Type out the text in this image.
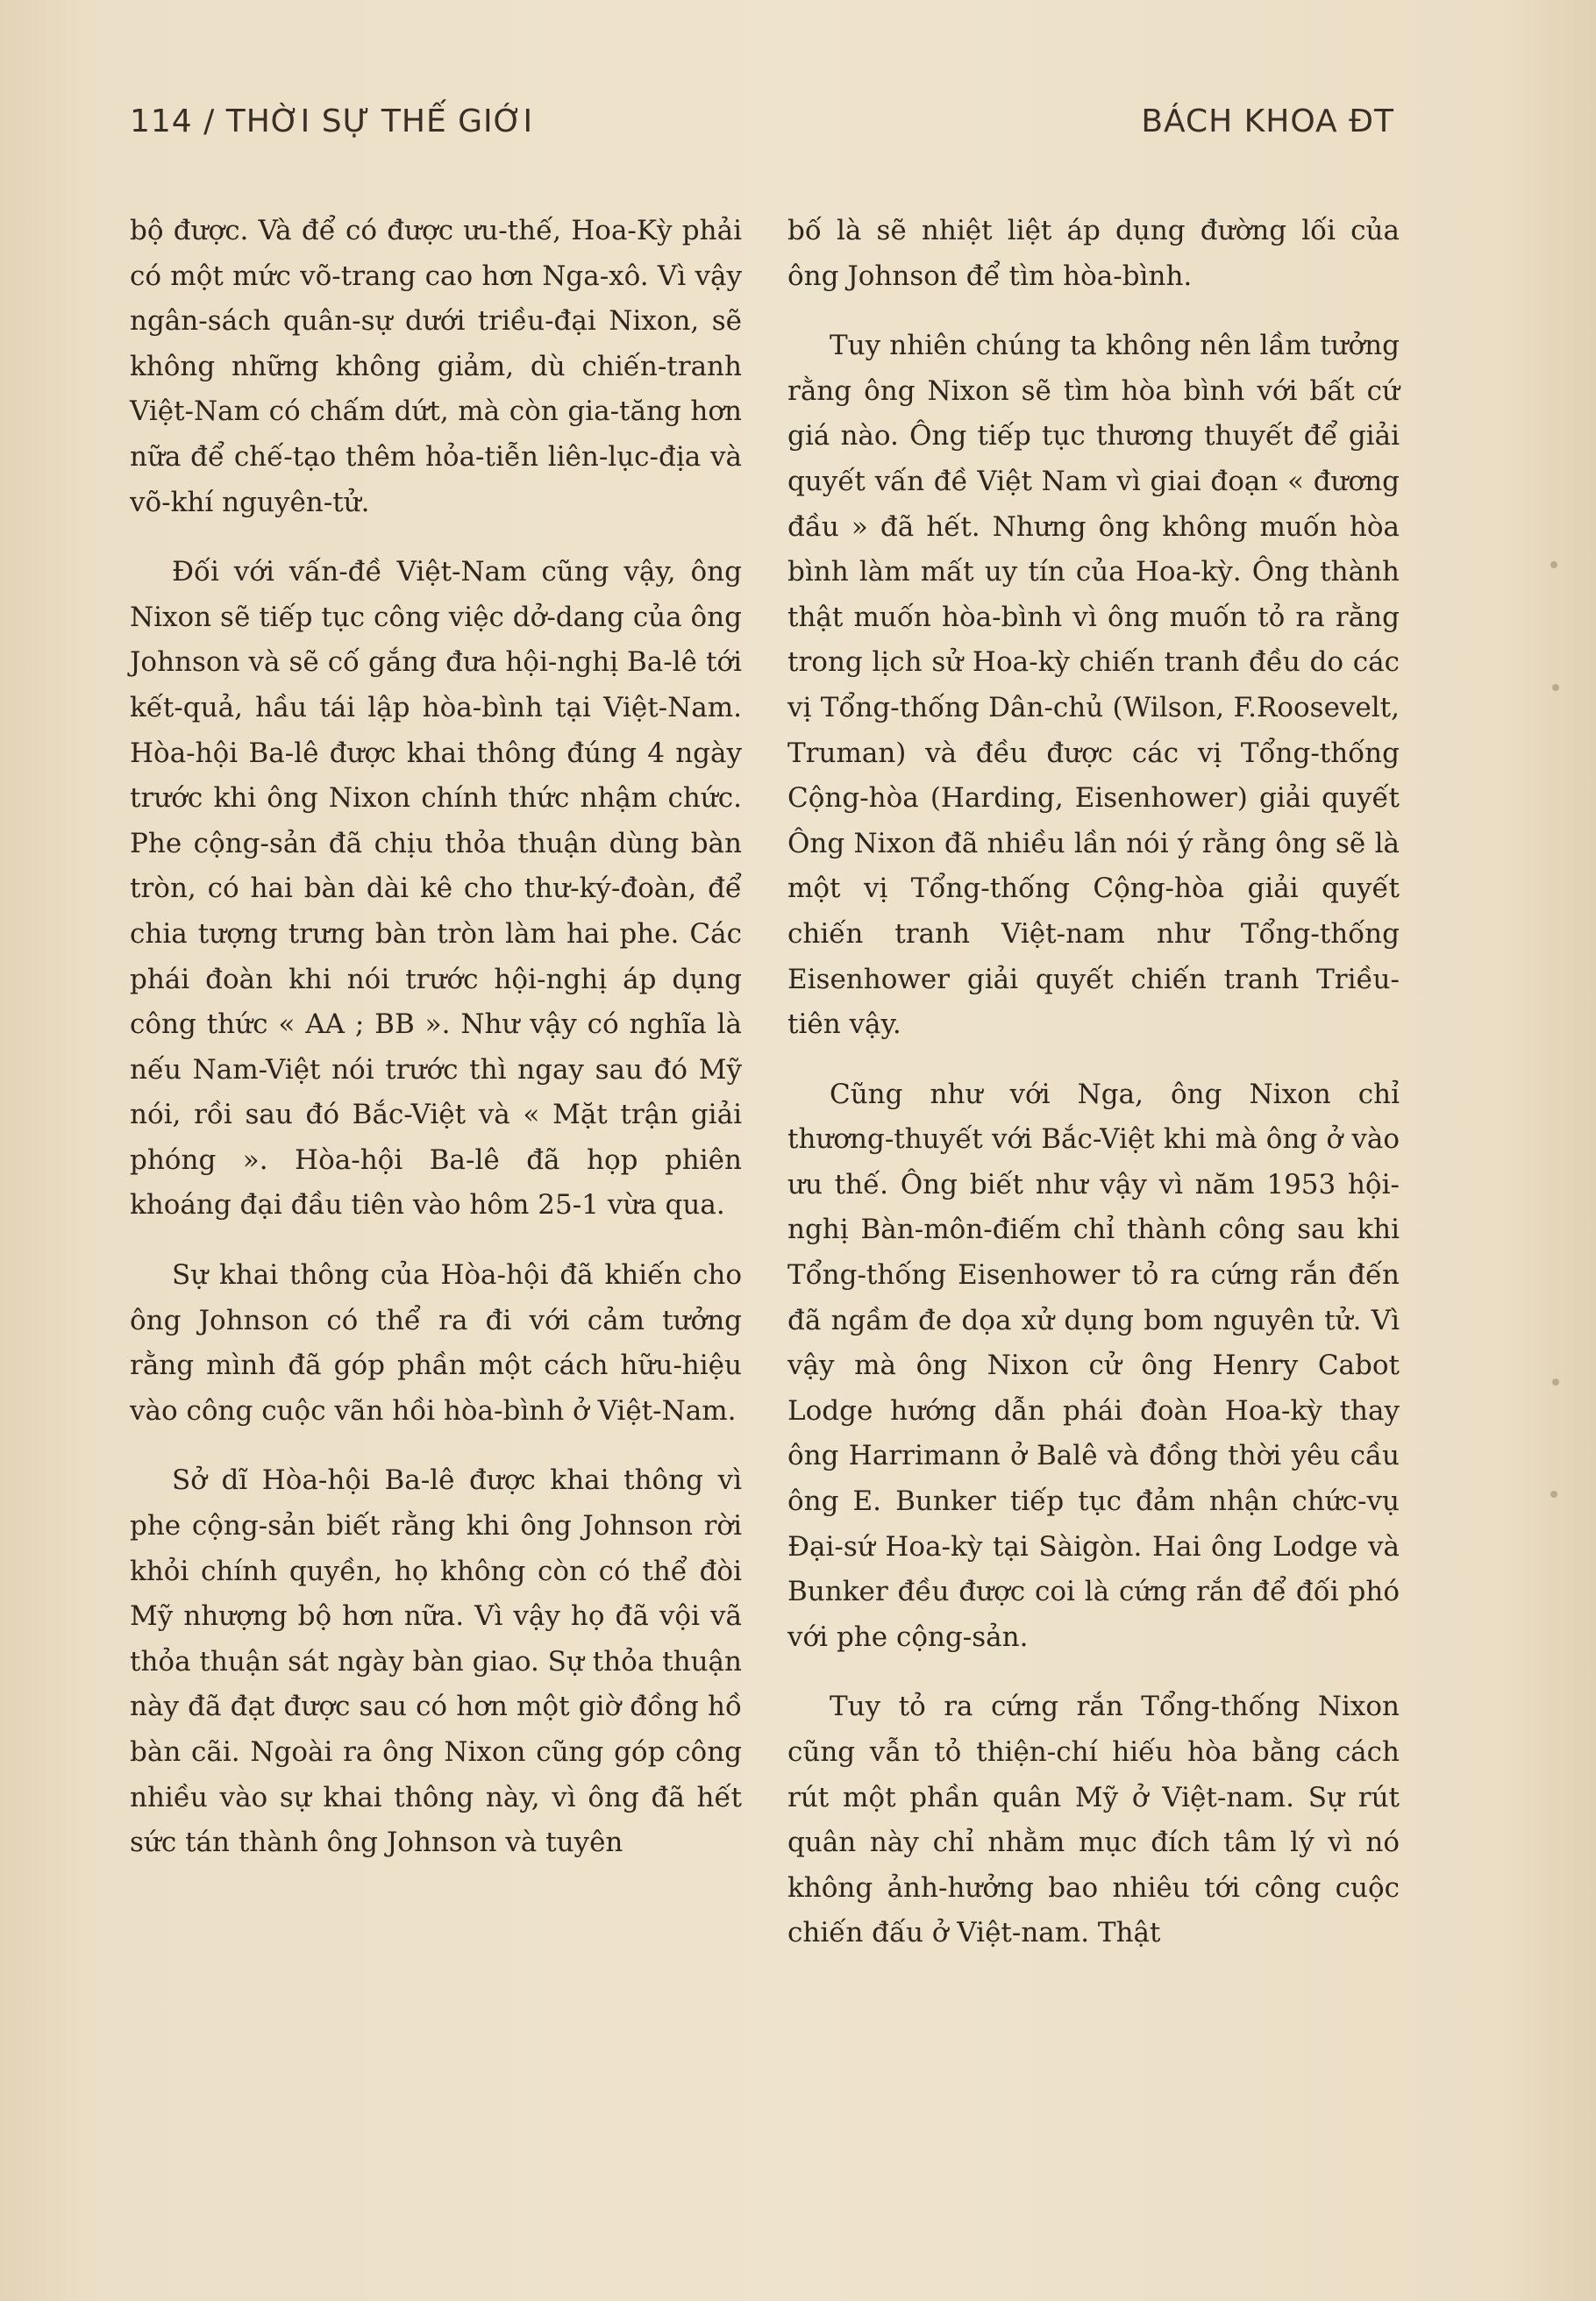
114 / THỜI SỰ THẾ GIỚI	BÁCH KHOA ĐT

bộ được. Và để có được ưu-thế, Hoa-Kỳ phải có một mức võ-trang cao hơn Nga-xô. Vì vậy ngân-sách quân-sự dưới triều-đại Nixon, sẽ không những không giảm, dù chiến-tranh Việt-Nam có chấm dứt, mà còn gia-tăng hơn nữa để chế-tạo thêm hỏa-tiễn liên-lục-địa và võ-khí nguyên-tử.

Đối với vấn-đề Việt-Nam cũng vậy, ông Nixon sẽ tiếp tục công việc dở-dang của ông Johnson và sẽ cố gắng đưa hội-nghị Ba-lê tới kết-quả, hầu tái lập hòa-bình tại Việt-Nam. Hòa-hội Ba-lê được khai thông đúng 4 ngày trước khi ông Nixon chính thức nhậm chức. Phe cộng-sản đã chịu thỏa thuận dùng bàn tròn, có hai bàn dài kê cho thư-ký-đoàn, để chia tượng trưng bàn tròn làm hai phe. Các phái đoàn khi nói trước hội-nghị áp dụng công thức « AA ; BB ». Như vậy có nghĩa là nếu Nam-Việt nói trước thì ngay sau đó Mỹ nói, rồi sau đó Bắc-Việt và « Mặt trận giải phóng ». Hòa-hội Ba-lê đã họp phiên khoáng đại đầu tiên vào hôm 25-1 vừa qua.

Sự khai thông của Hòa-hội đã khiến cho ông Johnson có thể ra đi với cảm tưởng rằng mình đã góp phần một cách hữu-hiệu vào công cuộc vãn hồi hòa-bình ở Việt-Nam.

Sở dĩ Hòa-hội Ba-lê được khai thông vì phe cộng-sản biết rằng khi ông Johnson rời khỏi chính quyền, họ không còn có thể đòi Mỹ nhượng bộ hơn nữa. Vì vậy họ đã vội vã thỏa thuận sát ngày bàn giao. Sự thỏa thuận này đã đạt được sau có hơn một giờ đồng hồ bàn cãi. Ngoài ra ông Nixon cũng góp công nhiều vào sự khai thông này, vì ông đã hết sức tán thành ông Johnson và tuyên

bố là sẽ nhiệt liệt áp dụng đường lối của ông Johnson để tìm hòa-bình.

Tuy nhiên chúng ta không nên lầm tưởng rằng ông Nixon sẽ tìm hòa bình với bất cứ giá nào. Ông tiếp tục thương thuyết để giải quyết vấn đề Việt Nam vì giai đoạn « đương đầu » đã hết. Nhưng ông không muốn hòa bình làm mất uy tín của Hoa-kỳ. Ông thành thật muốn hòa-bình vì ông muốn tỏ ra rằng trong lịch sử Hoa-kỳ chiến tranh đều do các vị Tổng-thống Dân-chủ (Wilson, F.Roosevelt, Truman) và đều được các vị Tổng-thống Cộng-hòa (Harding, Eisenhower) giải quyết Ông Nixon đã nhiều lần nói ý rằng ông sẽ là một vị Tổng-thống Cộng-hòa giải quyết chiến tranh Việt-nam như Tổng-thống Eisenhower giải quyết chiến tranh Triều-tiên vậy.

Cũng như với Nga, ông Nixon chỉ thương-thuyết với Bắc-Việt khi mà ông ở vào ưu thế. Ông biết như vậy vì năm 1953 hội-nghị Bàn-môn-điếm chỉ thành công sau khi Tổng-thống Eisenhower tỏ ra cứng rắn đến đã ngầm đe dọa xử dụng bom nguyên tử. Vì vậy mà ông Nixon cử ông Henry Cabot Lodge hướng dẫn phái đoàn Hoa-kỳ thay ông Harrimann ở Balê và đồng thời yêu cầu ông E. Bunker tiếp tục đảm nhận chức-vụ Đại-sứ Hoa-kỳ tại Sàigòn. Hai ông Lodge và Bunker đều được coi là cứng rắn để đối phó với phe cộng-sản.

Tuy tỏ ra cứng rắn Tổng-thống Nixon cũng vẫn tỏ thiện-chí hiếu hòa bằng cách rút một phần quân Mỹ ở Việt-nam. Sự rút quân này chỉ nhằm mục đích tâm lý vì nó không ảnh-hưởng bao nhiêu tới công cuộc chiến đấu ở Việt-nam. Thật
